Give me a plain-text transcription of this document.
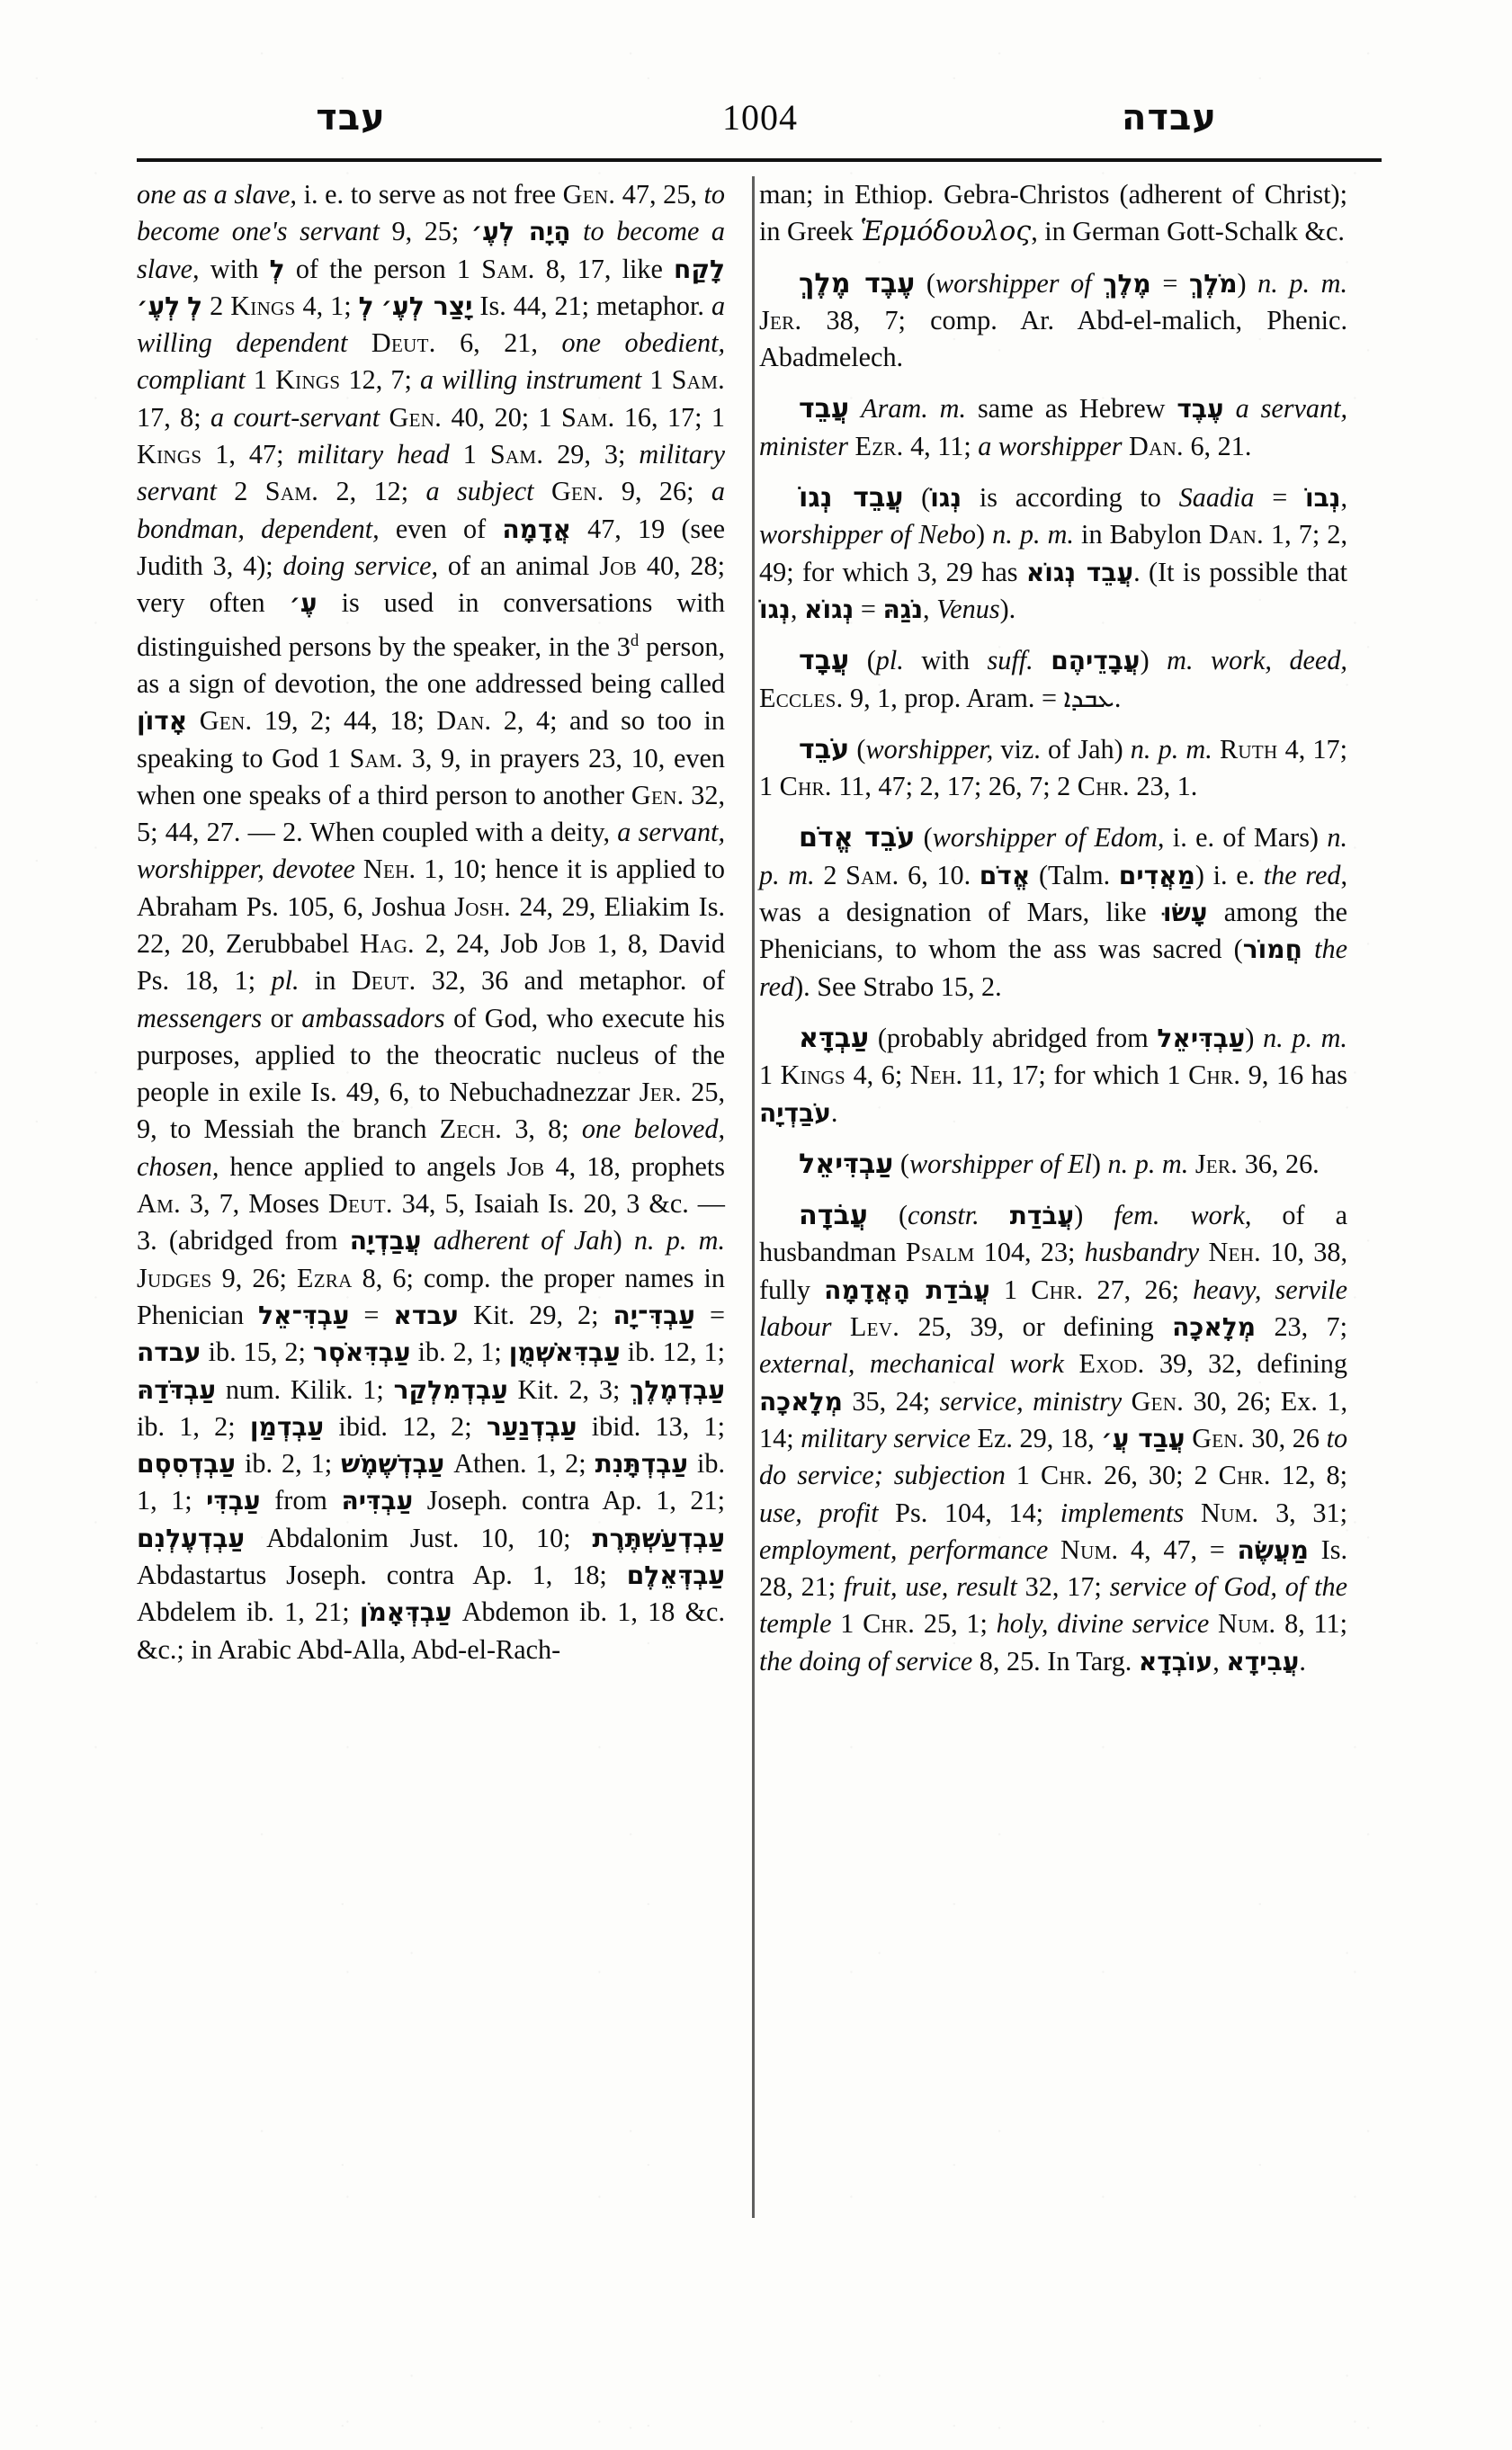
עבד	1004	עבדה
one as a slave, i. e. to serve as not free Gen. 47, 25, to become one's servant 9, 25; הָיָה לְעֶ׳ to become a slave, with לְ of the person 1 Sam. 8, 17, like לָקַח לְעֶ׳ לְ 2 Kings 4, 1; לְ יָצַר לְעֶ׳ Is. 44, 21; metaphor. a willing dependent Deut. 6, 21, one obedient, compliant 1 Kings 12, 7; a willing instrument 1 Sam. 17, 8; a court-servant Gen. 40, 20; 1 Sam. 16, 17; 1 Kings 1, 47; military head 1 Sam. 29, 3; military servant 2 Sam. 2, 12; a subject Gen. 9, 26; a bondman, dependent, even of אֲדָמָה 47, 19 (see Judith 3, 4); doing service, of an animal Job 40, 28; very often עֶ׳ is used in conversations with distinguished persons by the speaker, in the 3$^d$ person, as a sign of devotion, the one addressed being called אָדוֹן Gen. 19, 2; 44, 18; Dan. 2, 4; and so too in speaking to God 1 Sam. 3, 9, in prayers 23, 10, even when one speaks of a third person to another Gen. 32, 5; 44, 27. — 2. When coupled with a deity, a servant, worshipper, devotee Neh. 1, 10; hence it is applied to Abraham Ps. 105, 6, Joshua Josh. 24, 29, Eliakim Is. 22, 20, Zerubbabel Hag. 2, 24, Job Job 1, 8, David Ps. 18, 1; pl. in Deut. 32, 36 and metaphor. of messengers or ambassadors of God, who execute his purposes, applied to the theocratic nucleus of the people in exile Is. 49, 6, to Nebuchadnezzar Jer. 25, 9, to Messiah the branch Zech. 3, 8; one beloved, chosen, hence applied to angels Job 4, 18, prophets Am. 3, 7, Moses Deut. 34, 5, Isaiah Is. 20, 3 &c. — 3. (abridged from עֲבַדְיָה adherent of Jah) n. p. m. Judges 9, 26; Ezra 8, 6; comp. the proper names in Phenician עַבְדִּ־אֵל = עבדא Kit. 29, 2; עַבְדִּ־יָה = עבדה ib. 15, 2; עַבְדִּאֹסְר ib. 2, 1; עַבְדִּאֹשְׁמֻן ib. 12, 1; עַבְדֹּדַהּ num. Kilik. 1; עַבְדְמִלְקַר Kit. 2, 3; עַבְדְמֶלֶךְ ib. 1, 2; עַבְדְמַן ibid. 12, 2; עַבְדְנַעַר ibid. 13, 1; עַבְדְסִסְם ib. 2, 1; עַבְדְשֶׁמֶשׁ Athen. 1, 2; עַבְדְתָּנִת ib. 1, 1; עַבְדִּי from עַבְדִּיהּ Joseph. contra Ap. 1, 21; עַבְדְעֶלְנִם Abdalonim Just. 10, 10; עַבְדְעַשְׁתֶּרֶת Abdastartus Joseph. contra Ap. 1, 18; עַבְדְּאֵלֶם Abdelem ib. 1, 21; עַבְדְּאָמֹן Abdemon ib. 1, 18 &c. &c.; in Arabic Abd-Alla, Abd-el-Rach-
man; in Ethiop. Gebra-Christos (adherent of Christ); in Greek Ἑρμόδουλος, in German Gott-Schalk &c.
עֶבֶד מֶלֶךְ (worshipper of מֶלֶךְ = מֹלֶךְ) n. p. m. Jer. 38, 7; comp. Ar. Abd-el-malich, Phenic. Abadmelech.
עֲבֵד Aram. m. same as Hebrew עֶבֶד a servant, minister Ezr. 4, 11; a worshipper Dan. 6, 21.
עֲבֵד נְגוֹ (נְגוֹ is according to Saadia = נְבוֹ, worshipper of Nebo) n. p. m. in Babylon Dan. 1, 7; 2, 49; for which 3, 29 has עֲבֵד נְגוֹא. (It is possible that נְגוֹ, נְגוֹא = נֹגַהּ, Venus).
עֲבָד (pl. with suff. עֲבָדֵיהֶם) m. work, deed, Eccles. 9, 1, prop. Aram. = ܥܒܕܐ.
עֹבֵד (worshipper, viz. of Jah) n. p. m. Ruth 4, 17; 1 Chr. 11, 47; 2, 17; 26, 7; 2 Chr. 23, 1.
עֹבֵד אֱדֹם (worshipper of Edom, i. e. of Mars) n. p. m. 2 Sam. 6, 10. אֱדֹם (Talm. מַאֲדִים) i. e. the red, was a designation of Mars, like עָשׂוּ among the Phenicians, to whom the ass was sacred (חֲמוֹר the red). See Strabo 15, 2.
עַבְדָּא (probably abridged from עַבְדִּיאֵל) n. p. m. 1 Kings 4, 6; Neh. 11, 17; for which 1 Chr. 9, 16 has עֹבַדְיָה.
עַבְדִּיאֵל (worshipper of El) n. p. m. Jer. 36, 26.
עֲבֹדָה (constr. עֲבֹדַת) fem. work, of a husbandman Psalm 104, 23; husbandry Neh. 10, 38, fully עֲבֹדַת הָאֲדָמָה 1 Chr. 27, 26; heavy, servile labour Lev. 25, 39, or defining מְלָאכָה 23, 7; external, mechanical work Exod. 39, 32, defining מְלָאכָה 35, 24; service, ministry Gen. 30, 26; Ex. 1, 14; military service Ez. 29, 18, עֲבַד עֲ׳ Gen. 30, 26 to do service; subjection 1 Chr. 26, 30; 2 Chr. 12, 8; use, profit Ps. 104, 14; implements Num. 3, 31; employment, performance Num. 4, 47, = מַעֲשֶׂה Is. 28, 21; fruit, use, result 32, 17; service of God, of the temple 1 Chr. 25, 1; holy, divine service Num. 8, 11; the doing of service 8, 25. In Targ. עוֹבְדָא, עֲבִידָא.
